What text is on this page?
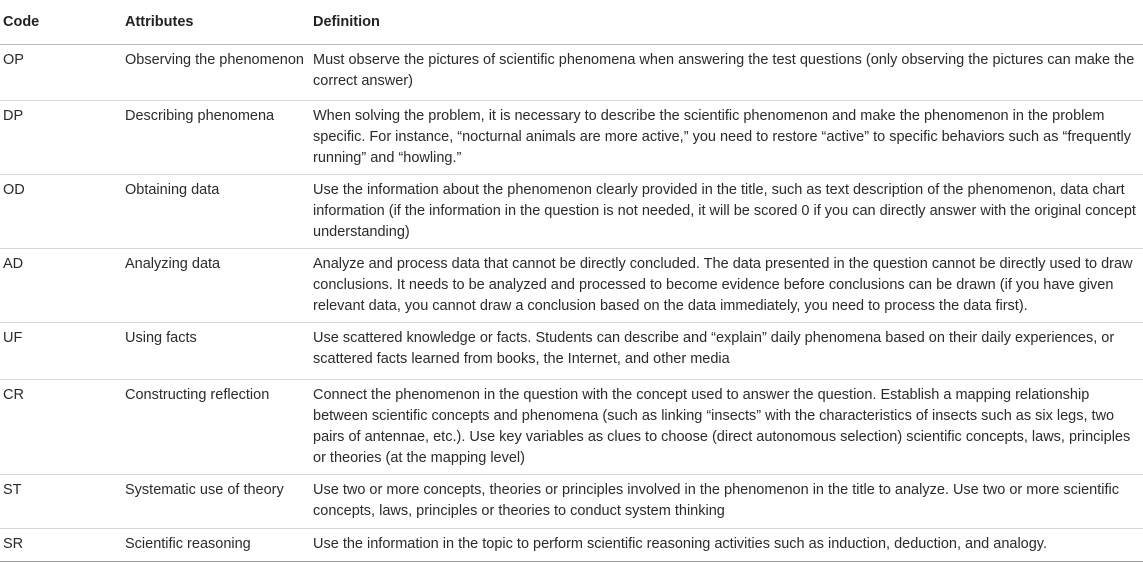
Code	Attributes	Definition
OP	Observing the phenomenon	Must observe the pictures of scientific phenomena when answering the test questions (only observing the pictures can make the correct answer)
DP	Describing phenomena	When solving the problem, it is necessary to describe the scientific phenomenon and make the phenomenon in the problem specific. For instance, “nocturnal animals are more active,” you need to restore “active” to specific behaviors such as “frequently running” and “howling.”
OD	Obtaining data	Use the information about the phenomenon clearly provided in the title, such as text description of the phenomenon, data chart information (if the information in the question is not needed, it will be scored 0 if you can directly answer with the original concept understanding)
AD	Analyzing data	Analyze and process data that cannot be directly concluded. The data presented in the question cannot be directly used to draw conclusions. It needs to be analyzed and processed to become evidence before conclusions can be drawn (if you have given relevant data, you cannot draw a conclusion based on the data immediately, you need to process the data first).
UF	Using facts	Use scattered knowledge or facts. Students can describe and “explain” daily phenomena based on their daily experiences, or scattered facts learned from books, the Internet, and other media
CR	Constructing reflection	Connect the phenomenon in the question with the concept used to answer the question. Establish a mapping relationship between scientific concepts and phenomena (such as linking “insects” with the characteristics of insects such as six legs, two pairs of antennae, etc.). Use key variables as clues to choose (direct autonomous selection) scientific concepts, laws, principles or theories (at the mapping level)
ST	Systematic use of theory	Use two or more concepts, theories or principles involved in the phenomenon in the title to analyze. Use two or more scientific concepts, laws, principles or theories to conduct system thinking
SR	Scientific reasoning	Use the information in the topic to perform scientific reasoning activities such as induction, deduction, and analogy.
